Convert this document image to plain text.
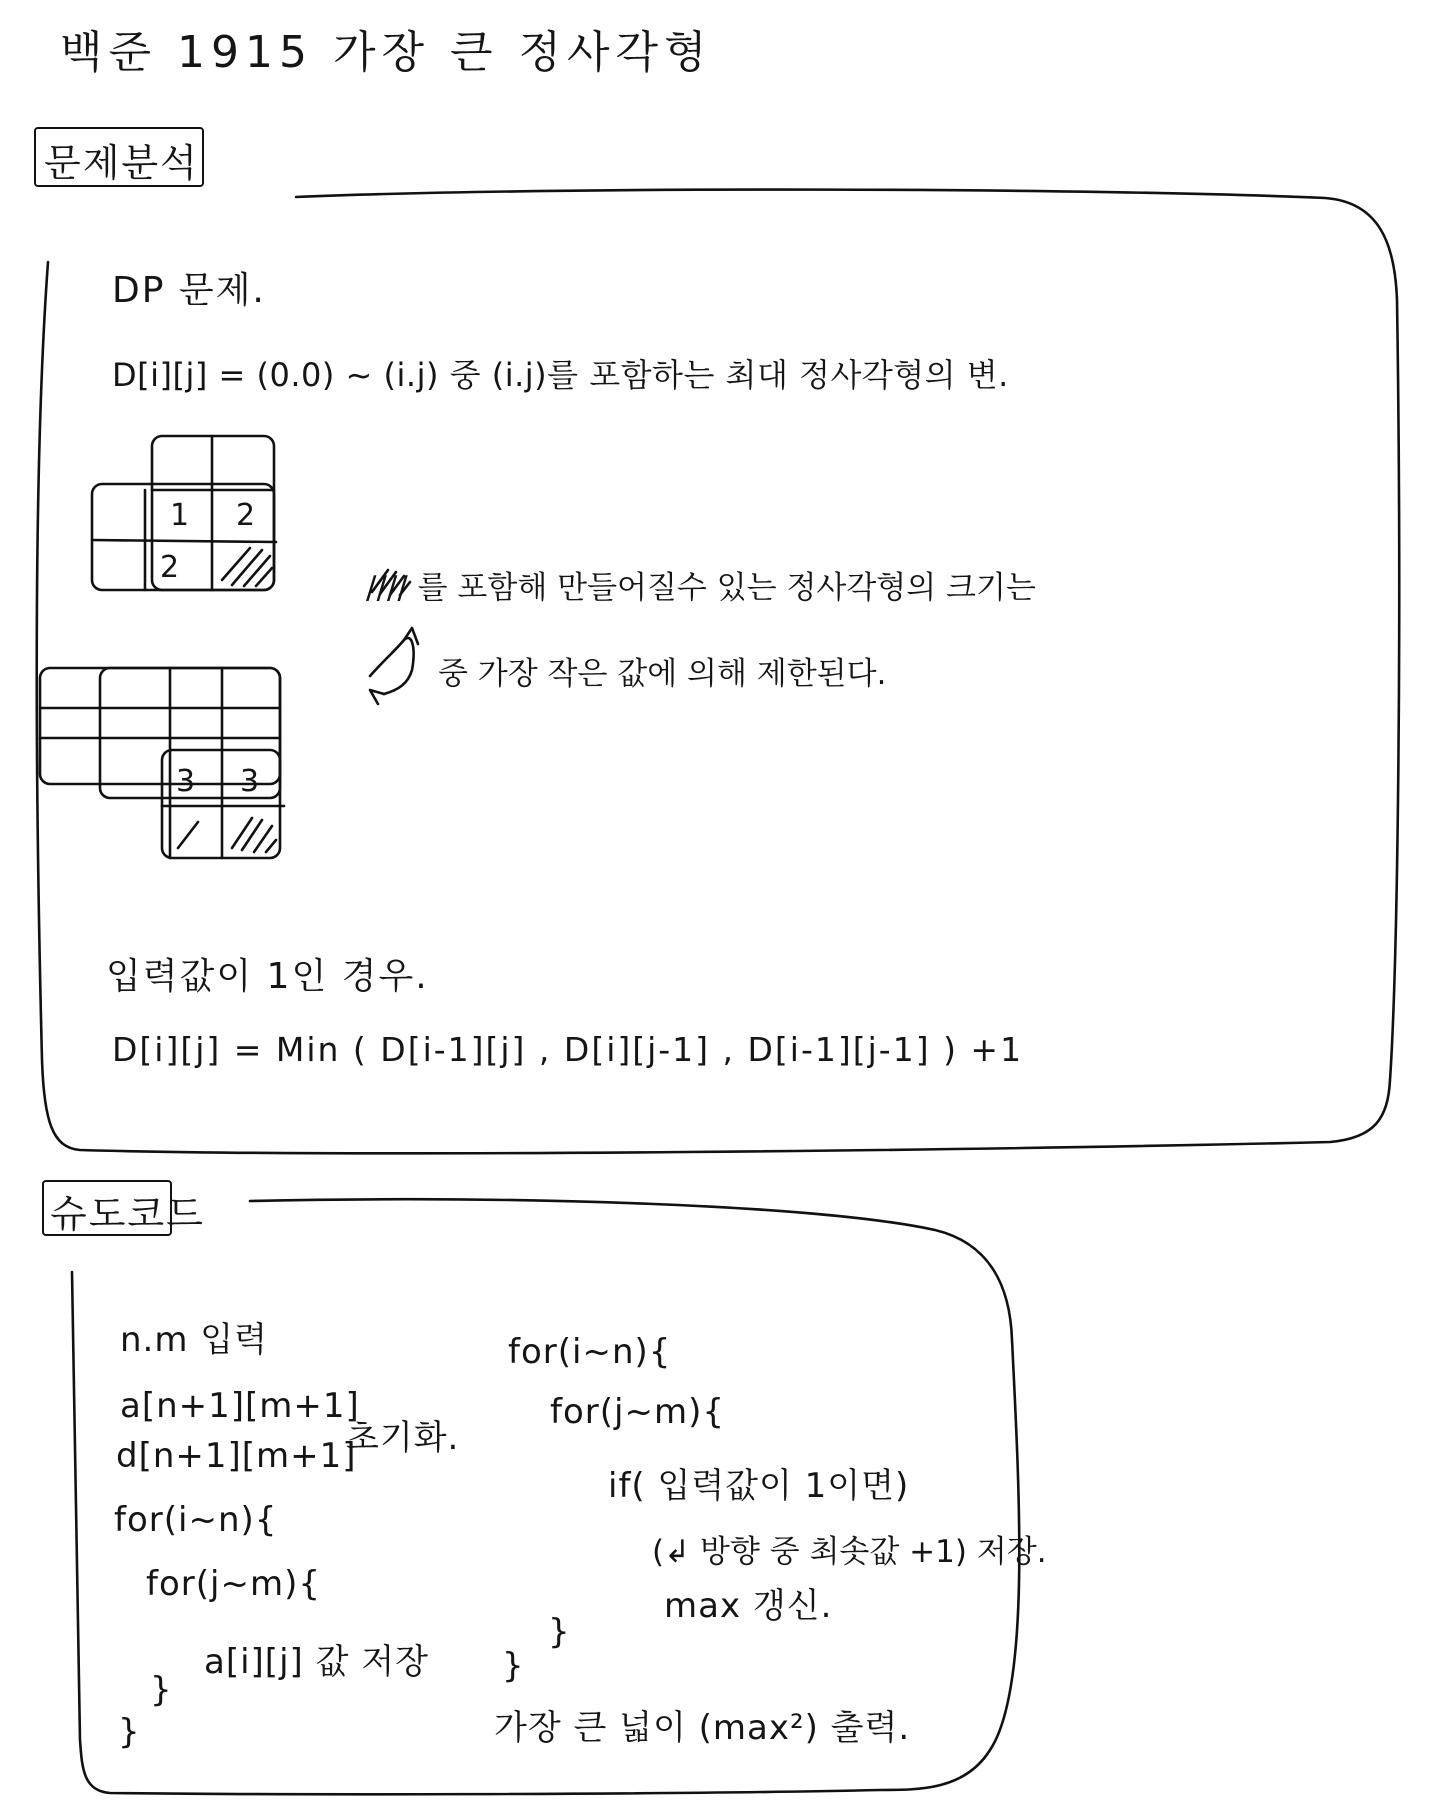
백준 1915 가장 큰 정사각형
문제분석
슈도코드
1 2
2
3 3
DP 문제.
D[i][j] = (0.0) ~ (i.j) 중 (i.j)를 포함하는 최대 정사각형의 변.
//// 를 포함해 만들어질수 있는 정사각형의 크기는
중 가장 작은 값에 의해 제한된다.
입력값이 1인 경우.
D[i][j] = Min ( D[i-1][j] , D[i][j-1] , D[i-1][j-1] ) +1
n.m 입력
a[n+1][m+1]
d[n+1][m+1]
초기화.
for(i~n){
for(j~m){
a[i][j] 값 저장
}
}
for(i~n){
for(j~m){
if( 입력값이 1이면)
(↲ 방향 중 최솟값 +1) 저장.
max 갱신.
}
}
가장 큰 넓이 (max²) 출력.
